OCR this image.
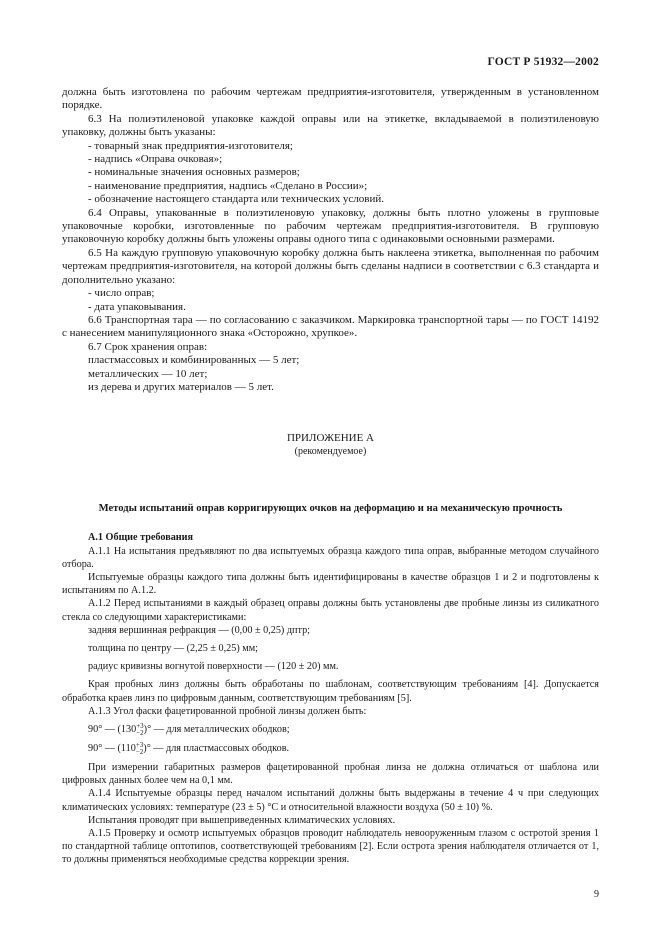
ГОСТ Р 51932—2002

должна быть изготовлена по рабочим чертежам предприятия-изготовителя, утвержденным в установленном порядке.

6.3 На полиэтиленовой упаковке каждой оправы или на этикетке, вкладываемой в полиэтиленовую упаковку, должны быть указаны:

- товарный знак предприятия-изготовителя;

- надпись «Оправа очковая»;

- номинальные значения основных размеров;

- наименование предприятия, надпись «Сделано в России»;

- обозначение настоящего стандарта или технических условий.

6.4 Оправы, упакованные в полиэтиленовую упаковку, должны быть плотно уложены в групповые упаковочные коробки, изготовленные по рабочим чертежам предприятия-изготовителя. В групповую упаковочную коробку должны быть уложены оправы одного типа с одинаковыми основными размерами.

6.5 На каждую групповую упаковочную коробку должна быть наклеена этикетка, выполненная по рабочим чертежам предприятия-изготовителя, на которой должны быть сделаны надписи в соответствии с 6.3 стандарта и дополнительно указано:

- число оправ;

- дата упаковывания.

6.6 Транспортная тара — по согласованию с заказчиком. Маркировка транспортной тары — по ГОСТ 14192 с нанесением манипуляционного знака «Осторожно, хрупкое».

6.7 Срок хранения оправ:

пластмассовых и комбинированных — 5 лет;

металлических — 10 лет;

из дерева и других материалов — 5 лет.

ПРИЛОЖЕНИЕ А
(рекомендуемое)
Методы испытаний оправ корригирующих очков на деформацию и на механическую прочность

А.1 Общие требования

А.1.1 На испытания предъявляют по два испытуемых образца каждого типа оправ, выбранные методом случайного отбора.

Испытуемые образцы каждого типа должны быть идентифицированы в качестве образцов 1 и 2 и подготовлены к испытаниям по А.1.2.

А.1.2 Перед испытаниями в каждый образец оправы должны быть установлены две пробные линзы из силикатного стекла со следующими характеристиками:

задняя вершинная рефракция — (0,00 ± 0,25) дптр;

толщина по центру — (2,25 ± 0,25) мм;

радиус кривизны вогнутой поверхности — (120 ± 20) мм.

Края пробных линз должны быть обработаны по шаблонам, соответствующим требованиям [4]. Допускается обработка краев линз по цифровым данным, соответствующим требованиям [5].

А.1.3 Угол фаски фацетированной пробной линзы должен быть:

90° — (130 +3
−2 )° — для металлических ободков;

90° — (110 +3
−2 )° — для пластмассовых ободков.

При измерении габаритных размеров фацетированной пробная линза не должна отличаться от шаблона или цифровых данных более чем на 0,1 мм.

А.1.4 Испытуемые образцы перед началом испытаний должны быть выдержаны в течение 4 ч при следующих климатических условиях: температуре (23 ± 5) °С и относительной влажности воздуха (50 ± 10) %.

Испытания проводят при вышеприведенных климатических условиях.

А.1.5 Проверку и осмотр испытуемых образцов проводит наблюдатель невооруженным глазом с остротой зрения 1 по стандартной таблице оптотипов, соответствующей требованиям [2]. Если острота зрения наблюдателя отличается от 1, то должны применяться необходимые средства коррекции зрения.

9
